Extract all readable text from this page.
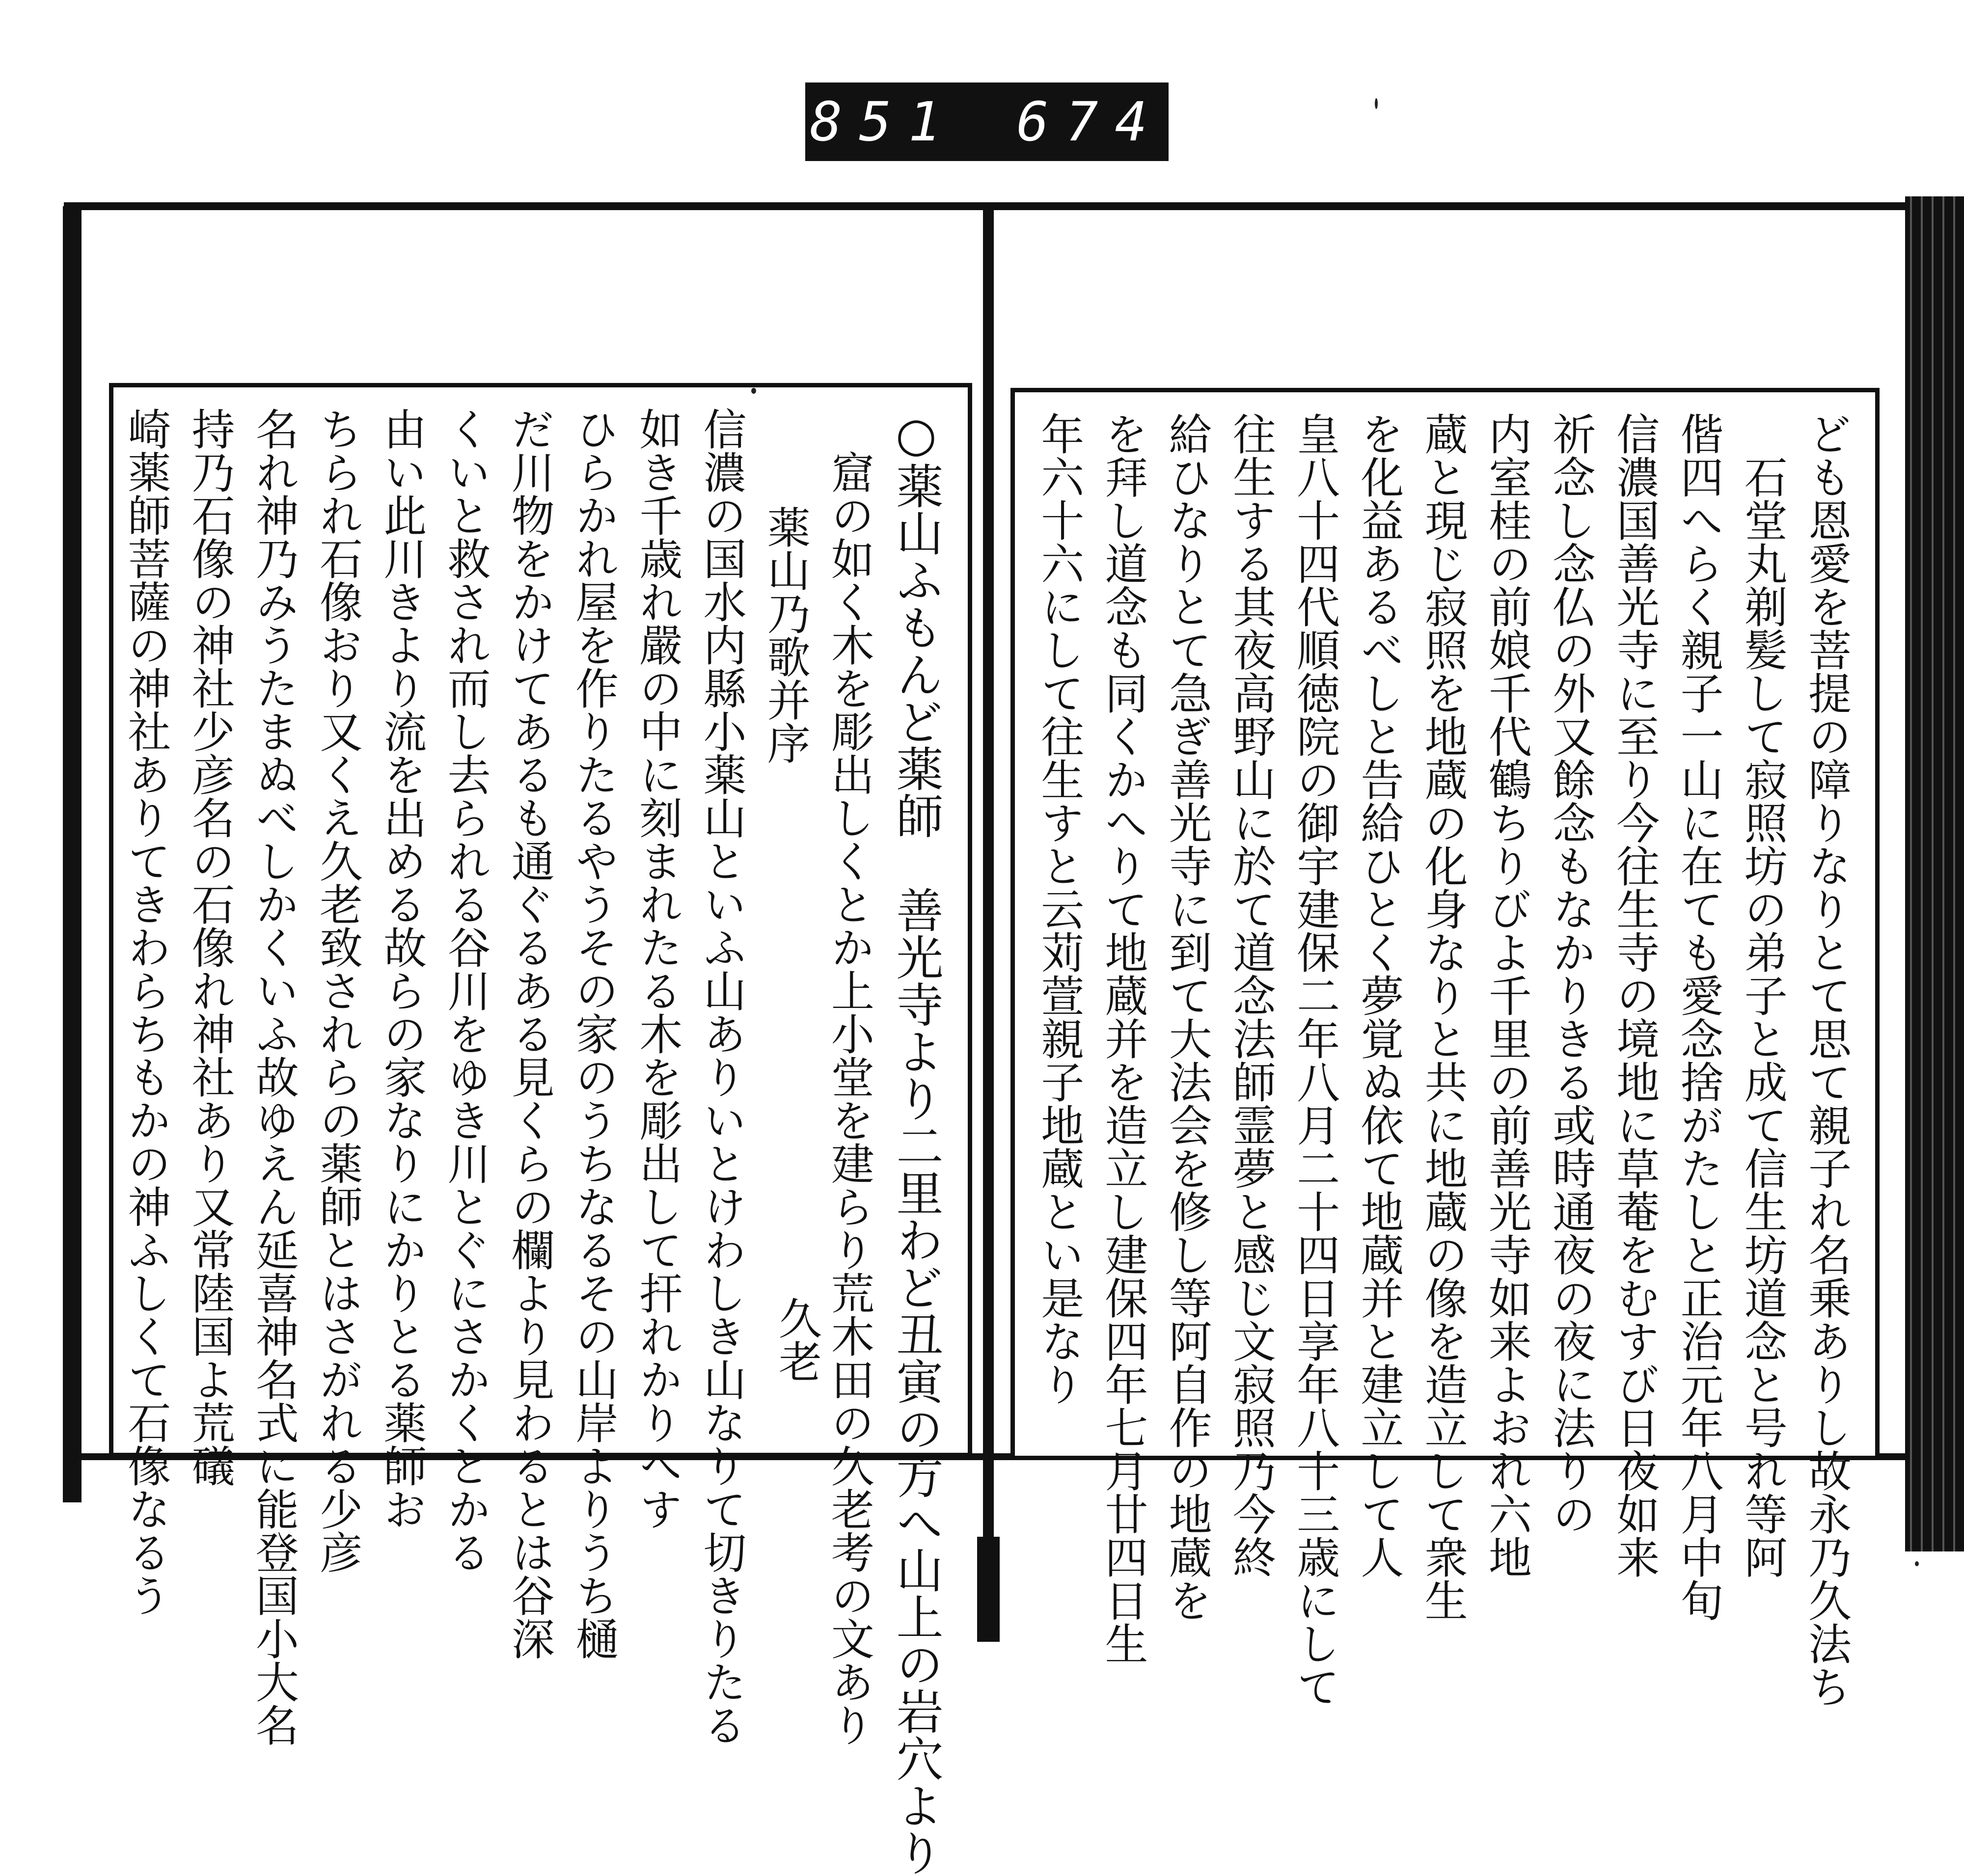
851 674

○薬山ふもんど薬師　善光寺より二里わど丑寅の方へ山上の岩穴より

窟の如く木を彫出しくとか上小堂を建らり荒木田の久老考の文あり

薬山乃歌并序

信濃の国水内縣小薬山といふ山ありいとけわしき山なりて切きりたる

如き千歳れ嚴の中に刻まれたる木を彫出して扞れかりへす

ひらかれ屋を作りたるやうその家のうちなるその山岸よりうち樋

だ川物をかけてあるも通ぐるある見くらの欄より見わるとは谷深

くいと救され而し去られる谷川をゆき川とぐにさかくとかる

由い此川きより流を出める故らの家なりにかりとる薬師お

ちられ石像おり又くえ久老致されらの薬師とはさがれる少彦

名れ神乃みうたまぬべしかくいふ故ゆえん延喜神名式に能登国小大名

持乃石像の神社少彦名の石像れ神社あり又常陸国よ荒礒

崎薬師菩薩の神社ありてきわらちもかの神ふしくて石像なるう	久老	ども恩愛を菩提の障りなりとて思て親子れ名乗ありし故永乃久法ち

石堂丸剃髪して寂照坊の弟子と成て信生坊道念と号れ等阿

偕四へらく親子一山に在ても愛念捨がたしと正治元年八月中旬

信濃国善光寺に至り今往生寺の境地に草菴をむすび日夜如来

祈念し念仏の外又餘念もなかりきる或時通夜の夜に法りの

内室桂の前娘千代鶴ちりびよ千里の前善光寺如来よおれ六地

蔵と現じ寂照を地蔵の化身なりと共に地蔵の像を造立して衆生

を化益あるべしと告給ひとく夢覚ぬ依て地蔵并と建立して人

皇八十四代順徳院の御宇建保二年八月二十四日享年八十三歳にして

往生する其夜高野山に於て道念法師霊夢と感じ文寂照乃今終

給ひなりとて急ぎ善光寺に到て大法会を修し等阿自作の地蔵を

を拜し道念も同くかへりて地蔵并を造立し建保四年七月廿四日生

年六十六にして往生すと云苅萱親子地蔵とい是なり
